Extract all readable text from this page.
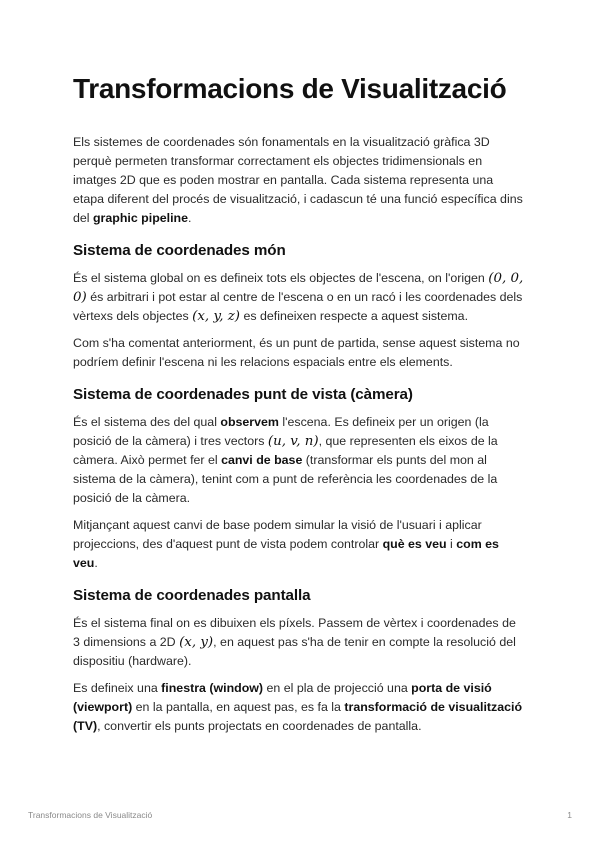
Transformacions de Visualització

Els sistemes de coordenades són fonamentals en la visualització gràfica 3D perquè permeten transformar correctament els objectes tridimensionals en imatges 2D que es poden mostrar en pantalla. Cada sistema representa una etapa diferent del procés de visualització, i cadascun té una funció específica dins del graphic pipeline.

Sistema de coordenades món

És el sistema global on es defineix tots els objectes de l'escena, on l'origen (0, 0, 0) és arbitrari i pot estar al centre de l'escena o en un racó i les coordenades dels vèrtexs dels objectes (x, y, z) es defineixen respecte a aquest sistema.

Com s'ha comentat anteriorment, és un punt de partida, sense aquest sistema no podríem definir l'escena ni les relacions espacials entre els elements.

Sistema de coordenades punt de vista (càmera)

És el sistema des del qual observem l'escena. Es defineix per un origen (la posició de la càmera) i tres vectors (u, v, n), que representen els eixos de la càmera. Això permet fer el canvi de base (transformar els punts del mon al sistema de la càmera), tenint com a punt de referència les coordenades de la posició de la càmera.

Mitjançant aquest canvi de base podem simular la visió de l'usuari i aplicar projeccions, des d'aquest punt de vista podem controlar què es veu i com es veu.

Sistema de coordenades pantalla

És el sistema final on es dibuixen els píxels. Passem de vèrtex i coordenades de 3 dimensions a 2D (x, y), en aquest pas s'ha de tenir en compte la resolució del dispositiu (hardware).

Es defineix una finestra (window) en el pla de projecció una porta de visió (viewport) en la pantalla, en aquest pas, es fa la transformació de visualització (TV), convertir els punts projectats en coordenades de pantalla.

Transformacions de Visualització	1
